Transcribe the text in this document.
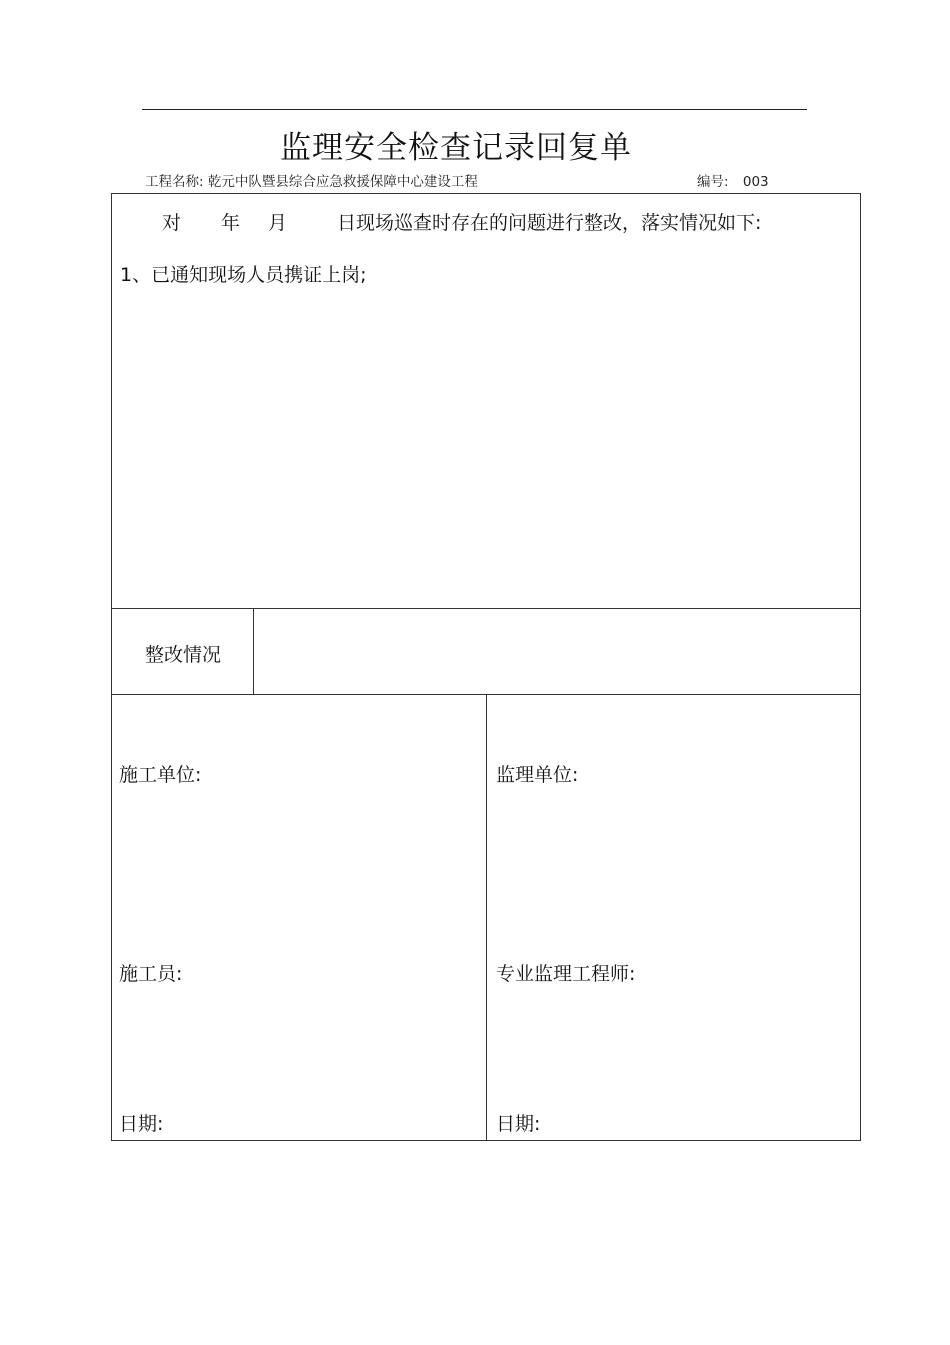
监理安全检查记录回复单
工程名称: 乾元中队暨县综合应急救援保障中心建设工程	编号: 003
对 年 月	日现场巡查时存在的问题进行整改，落实情况如下:
1、已通知现场人员携证上岗;
整改情况
施工单位:	监理单位:
施工员:	专业监理工程师:
日期:	日期:
